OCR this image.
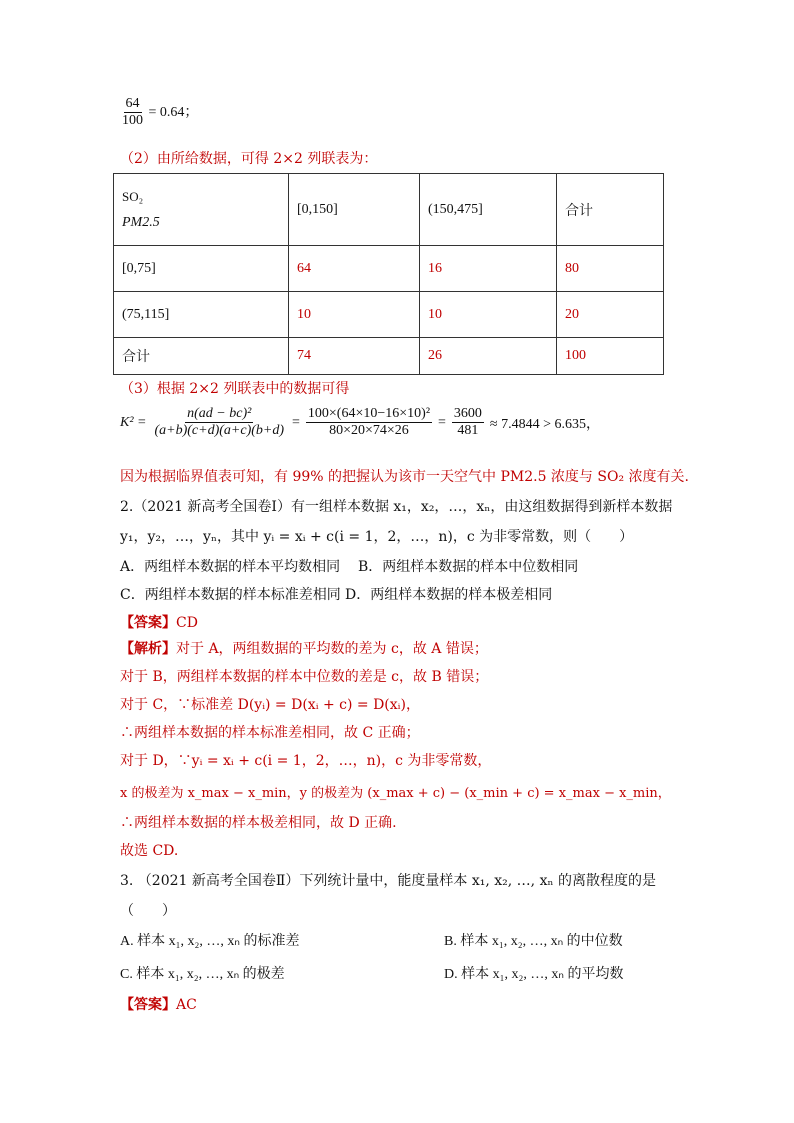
$\frac{64}{100} = 0.64$；
（2）由所给数据，可得 2×2 列联表为：
SO₂
PM2.5	[0,150]	(150,475]	合计
[0,75]	64	16	80
(75,115]	10	10	20
合计	74	26	100
（3）根据 2×2 列联表中的数据可得
$K^2 = \frac{\text{n(ad − bc)²}}{(a+b)(c+d)(a+c)(b+d)} = \frac{\text{100×(64×10−16×10)²}}{80\times 20\times 74\times 26} = \frac{3600}{481} \approx 7.4844 > 6.635$，
因为根据临界值表可知，有 99% 的把握认为该市一天空气中 PM2.5 浓度与 SO₂ 浓度有关.
2.（2021 新高考全国卷Ⅰ）有一组样本数据 x₁，x₂，…，xₙ，由这组数据得到新样本数据
y₁，y₂，…，yₙ，其中 yᵢ = xᵢ + c(i = 1，2，…，n)，c 为非零常数，则（　　）
A．两组样本数据的样本平均数相同 B．两组样本数据的样本中位数相同
C．两组样本数据的样本标准差相同 D．两组样本数据的样本极差相同
【答案】CD
【解析】对于 A，两组数据的平均数的差为 c，故 A 错误；
对于 B，两组样本数据的样本中位数的差是 c，故 B 错误；
对于 C，∵标准差 D(yᵢ) = D(xᵢ + c) = D(xᵢ)，
∴两组样本数据的样本标准差相同，故 C 正确；
对于 D，∵yᵢ = xᵢ + c(i = 1，2，…，n)，c 为非零常数，
x 的极差为 x_max − x_min，y 的极差为 (x_max + c) − (x_min + c) = x_max − x_min，
∴两组样本数据的样本极差相同，故 D 正确.
故选 CD.
3. （2021 新高考全国卷Ⅱ）下列统计量中，能度量样本 x₁, x₂, …, xₙ 的离散程度的是
（　　）
A. 样本 x₁, x₂, …, xₙ 的标准差	B. 样本 x₁, x₂, …, xₙ 的中位数
C. 样本 x₁, x₂, …, xₙ 的极差	D. 样本 x₁, x₂, …, xₙ 的平均数
【答案】AC
